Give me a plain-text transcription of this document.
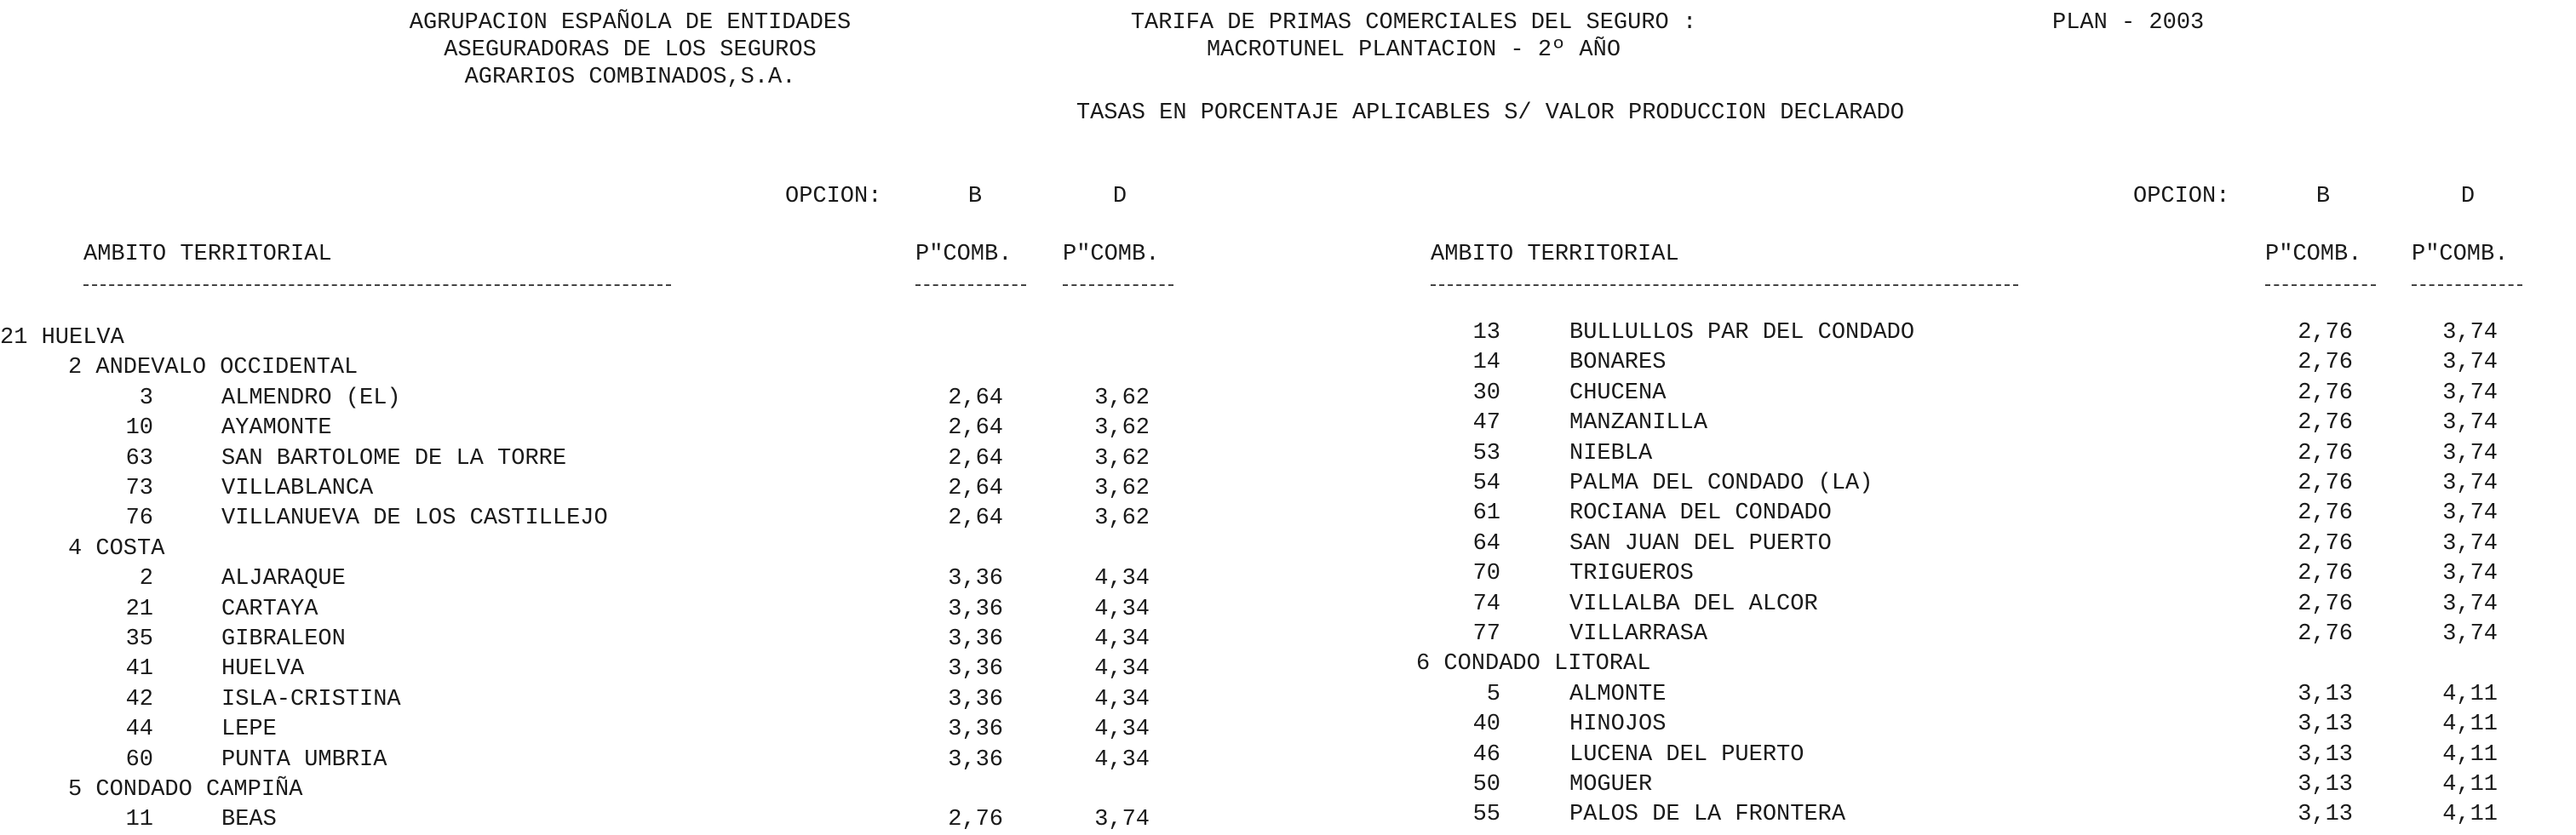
AGRUPACION ESPAÑOLA DE ENTIDADES
ASEGURADORAS DE LOS SEGUROS
AGRARIOS COMBINADOS,S.A.
TARIFA DE PRIMAS COMERCIALES DEL SEGURO :
MACROTUNEL PLANTACION - 2º AÑO
PLAN - 2003
TASAS EN PORCENTAJE APLICABLES S/ VALOR PRODUCCION DECLARADO
OPCION:	B	D
AMBITO TERRITORIAL	P"COMB. P"COMB.
OPCION:	B	D
AMBITO TERRITORIAL	P"COMB. P"COMB.
21 HUELVA
2 ANDEVALO OCCIDENTAL
3	ALMENDRO (EL)	2,64	3,62
10	AYAMONTE	2,64	3,62
63	SAN BARTOLOME DE LA TORRE	2,64	3,62
73	VILLABLANCA	2,64	3,62
76	VILLANUEVA DE LOS CASTILLEJO	2,64	3,62
4 COSTA
2	ALJARAQUE	3,36	4,34
21	CARTAYA	3,36	4,34
35	GIBRALEON	3,36	4,34
41	HUELVA	3,36	4,34
42	ISLA-CRISTINA	3,36	4,34
44	LEPE	3,36	4,34
60	PUNTA UMBRIA	3,36	4,34
5 CONDADO CAMPIÑA
11	BEAS	2,76	3,74
13	BULLULLOS PAR DEL CONDADO	2,76	3,74
14	BONARES	2,76	3,74
30	CHUCENA	2,76	3,74
47	MANZANILLA	2,76	3,74
53	NIEBLA	2,76	3,74
54	PALMA DEL CONDADO (LA)	2,76	3,74
61	ROCIANA DEL CONDADO	2,76	3,74
64	SAN JUAN DEL PUERTO	2,76	3,74
70	TRIGUEROS	2,76	3,74
74	VILLALBA DEL ALCOR	2,76	3,74
77	VILLARRASA	2,76	3,74
6 CONDADO LITORAL
5	ALMONTE	3,13	4,11
40	HINOJOS	3,13	4,11
46	LUCENA DEL PUERTO	3,13	4,11
50	MOGUER	3,13	4,11
55	PALOS DE LA FRONTERA	3,13	4,11
